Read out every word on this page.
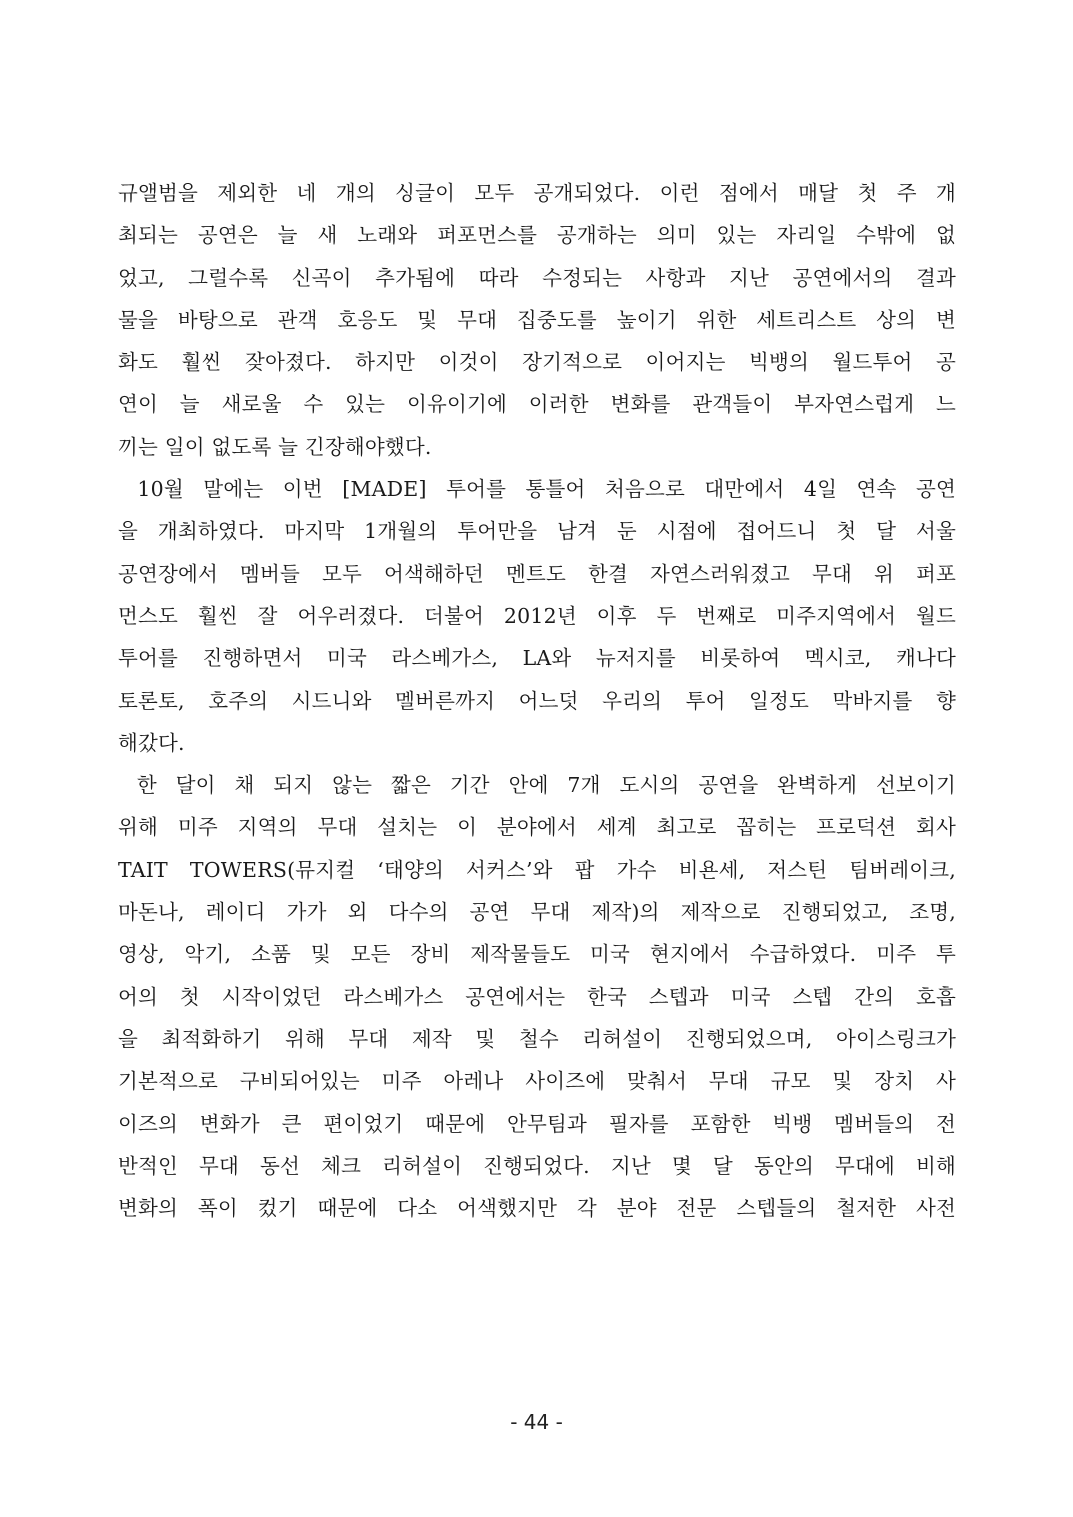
규앨범을 제외한 네 개의 싱글이 모두 공개되었다. 이런 점에서 매달 첫 주 개
최되는 공연은 늘 새 노래와 퍼포먼스를 공개하는 의미 있는 자리일 수밖에 없
었고, 그럴수록 신곡이 추가됨에 따라 수정되는 사항과 지난 공연에서의 결과
물을 바탕으로 관객 호응도 및 무대 집중도를 높이기 위한 세트리스트 상의 변
화도 훨씬 잦아졌다. 하지만 이것이 장기적으로 이어지는 빅뱅의 월드투어 공
연이 늘 새로울 수 있는 이유이기에 이러한 변화를 관객들이 부자연스럽게 느
끼는 일이 없도록 늘 긴장해야했다.
10월 말에는 이번 [MADE] 투어를 통틀어 처음으로 대만에서 4일 연속 공연
을 개최하였다. 마지막 1개월의 투어만을 남겨 둔 시점에 접어드니 첫 달 서울
공연장에서 멤버들 모두 어색해하던 멘트도 한결 자연스러워졌고 무대 위 퍼포
먼스도 훨씬 잘 어우러졌다. 더불어 2012년 이후 두 번째로 미주지역에서 월드
투어를 진행하면서 미국 라스베가스, LA와 뉴저지를 비롯하여 멕시코, 캐나다
토론토, 호주의 시드니와 멜버른까지 어느덧 우리의 투어 일정도 막바지를 향
해갔다.
한 달이 채 되지 않는 짧은 기간 안에 7개 도시의 공연을 완벽하게 선보이기
위해 미주 지역의 무대 설치는 이 분야에서 세계 최고로 꼽히는 프로덕션 회사
TAIT TOWERS(뮤지컬 ‘태양의 서커스’와 팝 가수 비욘세, 저스틴 팀버레이크,
마돈나, 레이디 가가 외 다수의 공연 무대 제작)의 제작으로 진행되었고, 조명,
영상, 악기, 소품 및 모든 장비 제작물들도 미국 현지에서 수급하였다. 미주 투
어의 첫 시작이었던 라스베가스 공연에서는 한국 스텝과 미국 스텝 간의 호흡
을 최적화하기 위해 무대 제작 및 철수 리허설이 진행되었으며, 아이스링크가
기본적으로 구비되어있는 미주 아레나 사이즈에 맞춰서 무대 규모 및 장치 사
이즈의 변화가 큰 편이었기 때문에 안무팀과 필자를 포함한 빅뱅 멤버들의 전
반적인 무대 동선 체크 리허설이 진행되었다. 지난 몇 달 동안의 무대에 비해
변화의 폭이 컸기 때문에 다소 어색했지만 각 분야 전문 스텝들의 철저한 사전
- 44 -
